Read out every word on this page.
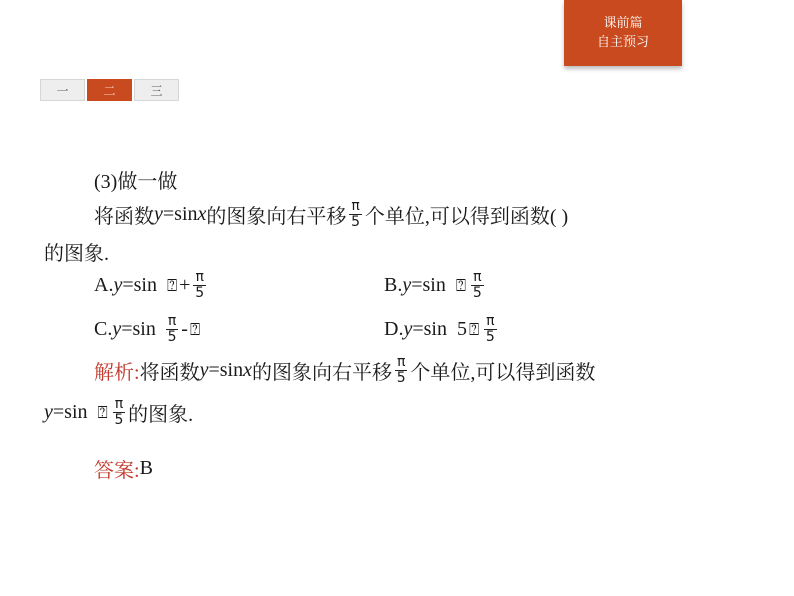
课前篇
自主预习
一	二	三
(3)做一做
将函数 y =sin x 的图象向右平移 $\frac{\pi}{5}$ 个单位,可以得到函数( )
的图象.
A. y =sin ⍰ + $\frac{\pi}{5}$	B. y =sin ⍰ $\frac{\pi}{5}$
C. $y =\sin \frac{\pi}{5}$ - ⍰	D. y =sin 5 ⍰ $\frac{\pi}{5}$
解析: 将函数 y =sin x 的图象向右平移 $\frac{\pi}{5}$ 个单位,可以得到函数
y =sin ⍰ $\frac{\pi}{5}$ 的图象.
答案: B
